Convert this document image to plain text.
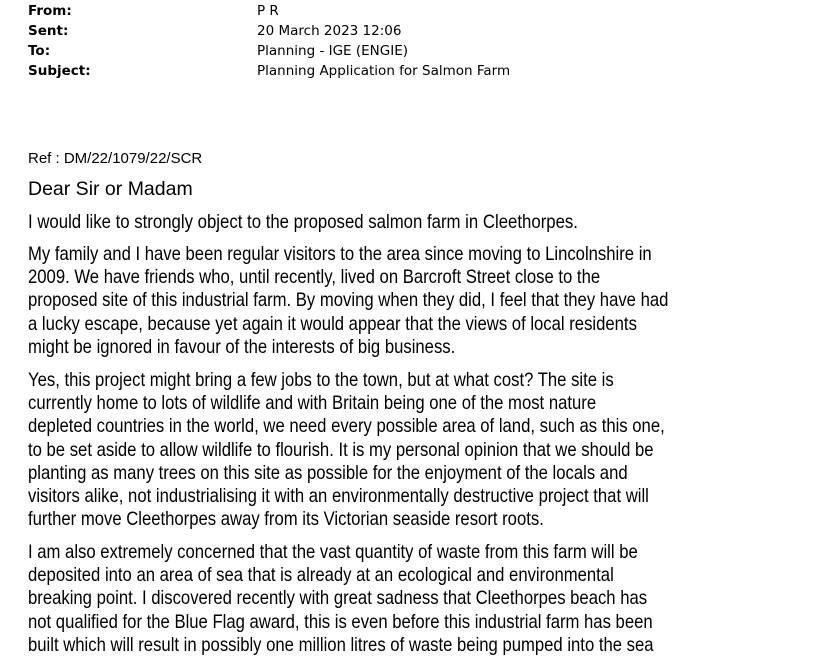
From:	P R
Sent:	20 March 2023 12:06
To:	Planning - IGE (ENGIE)
Subject:	Planning Application for Salmon Farm
Ref : DM/22/1079/22/SCR
Dear Sir or Madam
I would like to strongly object to the proposed salmon farm in Cleethorpes.
My family and I have been regular visitors to the area since moving to Lincolnshire in
2009. We have friends who, until recently, lived on Barcroft Street close to the
proposed site of this industrial farm. By moving when they did, I feel that they have had
a lucky escape, because yet again it would appear that the views of local residents
might be ignored in favour of the interests of big business.
Yes, this project might bring a few jobs to the town, but at what cost? The site is
currently home to lots of wildlife and with Britain being one of the most nature
depleted countries in the world, we need every possible area of land, such as this one,
to be set aside to allow wildlife to flourish. It is my personal opinion that we should be
planting as many trees on this site as possible for the enjoyment of the locals and
visitors alike, not industrialising it with an environmentally destructive project that will
further move Cleethorpes away from its Victorian seaside resort roots.
I am also extremely concerned that the vast quantity of waste from this farm will be
deposited into an area of sea that is already at an ecological and environmental
breaking point. I discovered recently with great sadness that Cleethorpes beach has
not qualified for the Blue Flag award, this is even before this industrial farm has been
built which will result in possibly one million litres of waste being pumped into the sea
